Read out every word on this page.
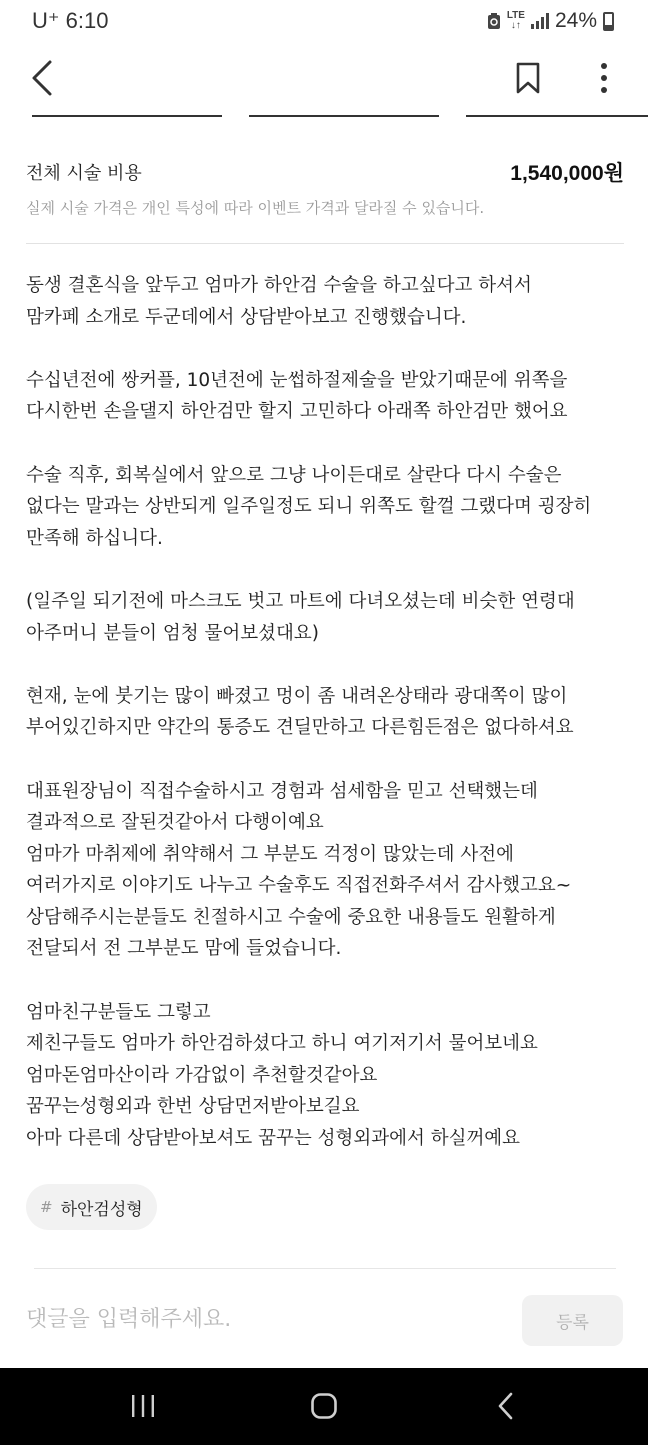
U⁺ 6:10	LTE
↓↑ 24%
전체 시술 비용	1,540,000원
실제 시술 가격은 개인 특성에 따라 이벤트 가격과 달라질 수 있습니다.

동생 결혼식을 앞두고 엄마가 하안검 수술을 하고싶다고 하셔서

맘카페 소개로 두군데에서 상담받아보고 진행했습니다.

수십년전에 쌍커플, 10년전에 눈썹하절제술을 받았기때문에 위쪽을

다시한번 손을댈지 하안검만 할지 고민하다 아래쪽 하안검만 했어요

수술 직후, 회복실에서 앞으로 그냥 나이든대로 살란다 다시 수술은

없다는 말과는 상반되게 일주일정도 되니 위쪽도 할껄 그랬다며 굉장히

만족해 하십니다.

(일주일 되기전에 마스크도 벗고 마트에 다녀오셨는데 비슷한 연령대

아주머니 분들이 엄청 물어보셨대요)

현재, 눈에 붓기는 많이 빠졌고 멍이 좀 내려온상태라 광대쪽이 많이

부어있긴하지만 약간의 통증도 견딜만하고 다른힘든점은 없다하셔요

대표원장님이 직접수술하시고 경험과 섬세함을 믿고 선택했는데

결과적으로 잘된것같아서 다행이예요

엄마가 마취제에 취약해서 그 부분도 걱정이 많았는데 사전에

여러가지로 이야기도 나누고 수술후도 직접전화주셔서 감사했고요~

상담해주시는분들도 친절하시고 수술에 중요한 내용들도 원활하게

전달되서 전 그부분도 맘에 들었습니다.

엄마친구분들도 그렇고

제친구들도 엄마가 하안검하셨다고 하니 여기저기서 물어보네요

엄마돈엄마산이라 가감없이 추천할것같아요

꿈꾸는성형외과 한번 상담먼저받아보길요

아마 다른데 상담받아보셔도 꿈꾸는 성형외과에서 하실꺼예요

# 하안검성형
댓글을 입력해주세요.	등록
